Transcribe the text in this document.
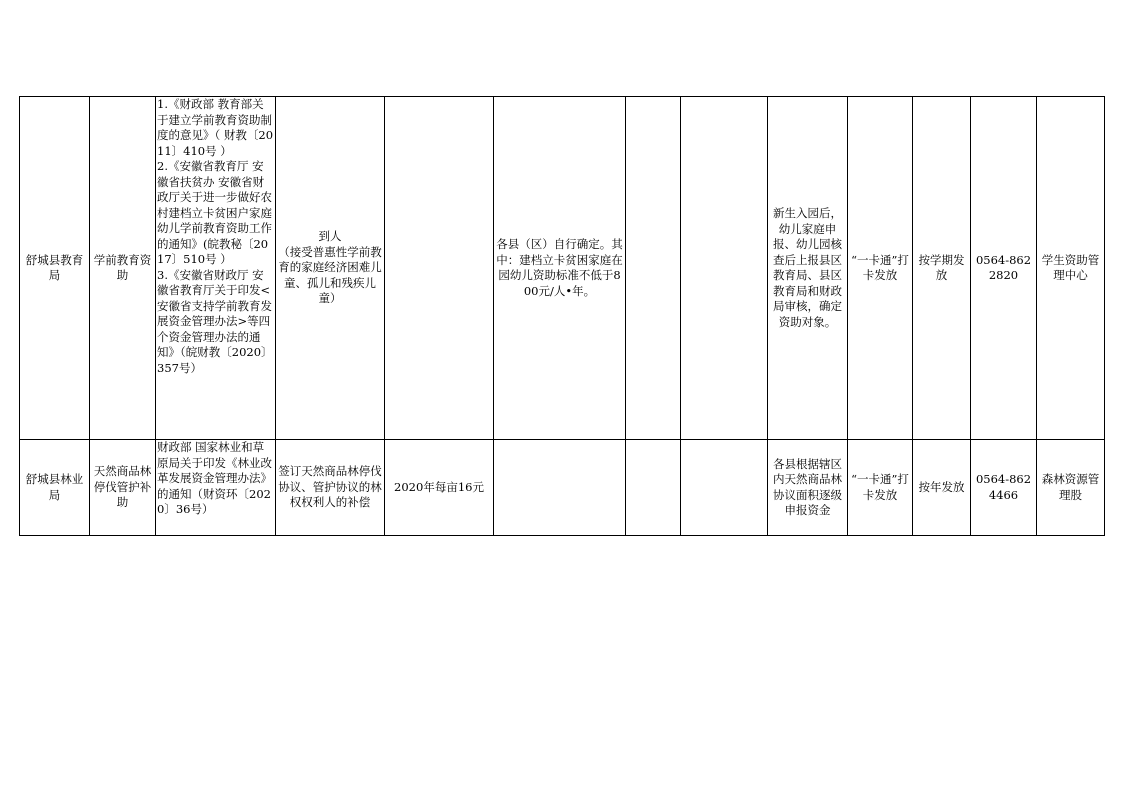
舒城县教育局	学前教育资助	1.《财政部 教育部关于建立学前教育资助制度的意见》（ 财教〔2011〕410号 ）
2.《安徽省教育厅 安徽省扶贫办 安徽省财政厅关于进一步做好农村建档立卡贫困户家庭幼儿学前教育资助工作的通知》(皖教秘〔2017〕510号 ）
3.《安徽省财政厅 安徽省教育厅关于印发<安徽省支持学前教育发展资金管理办法>等四个资金管理办法的通知》（皖财教〔2020〕357号）	到人
（接受普惠性学前教育的家庭经济困难儿童、孤儿和残疾儿童）		各县（区）自行确定。其中：建档立卡贫困家庭在园幼儿资助标准不低于800元/人•年。			新生入园后，幼儿家庭申报、幼儿园核查后上报县区教育局、县区教育局和财政局审核，确定资助对象。	“一卡通”打卡发放	按学期发放	0564-8622820	学生资助管理中心
舒城县林业局	天然商品林停伐管护补助	财政部 国家林业和草原局关于印发《林业改革发展资金管理办法》的通知（财资环〔2020〕36号）	签订天然商品林停伐协议、管护协议的林权权利人的补偿	2020年每亩16元				各县根据辖区内天然商品林协议面积逐级申报资金	“一卡通”打卡发放	按年发放	0564-8624466	森林资源管理股
